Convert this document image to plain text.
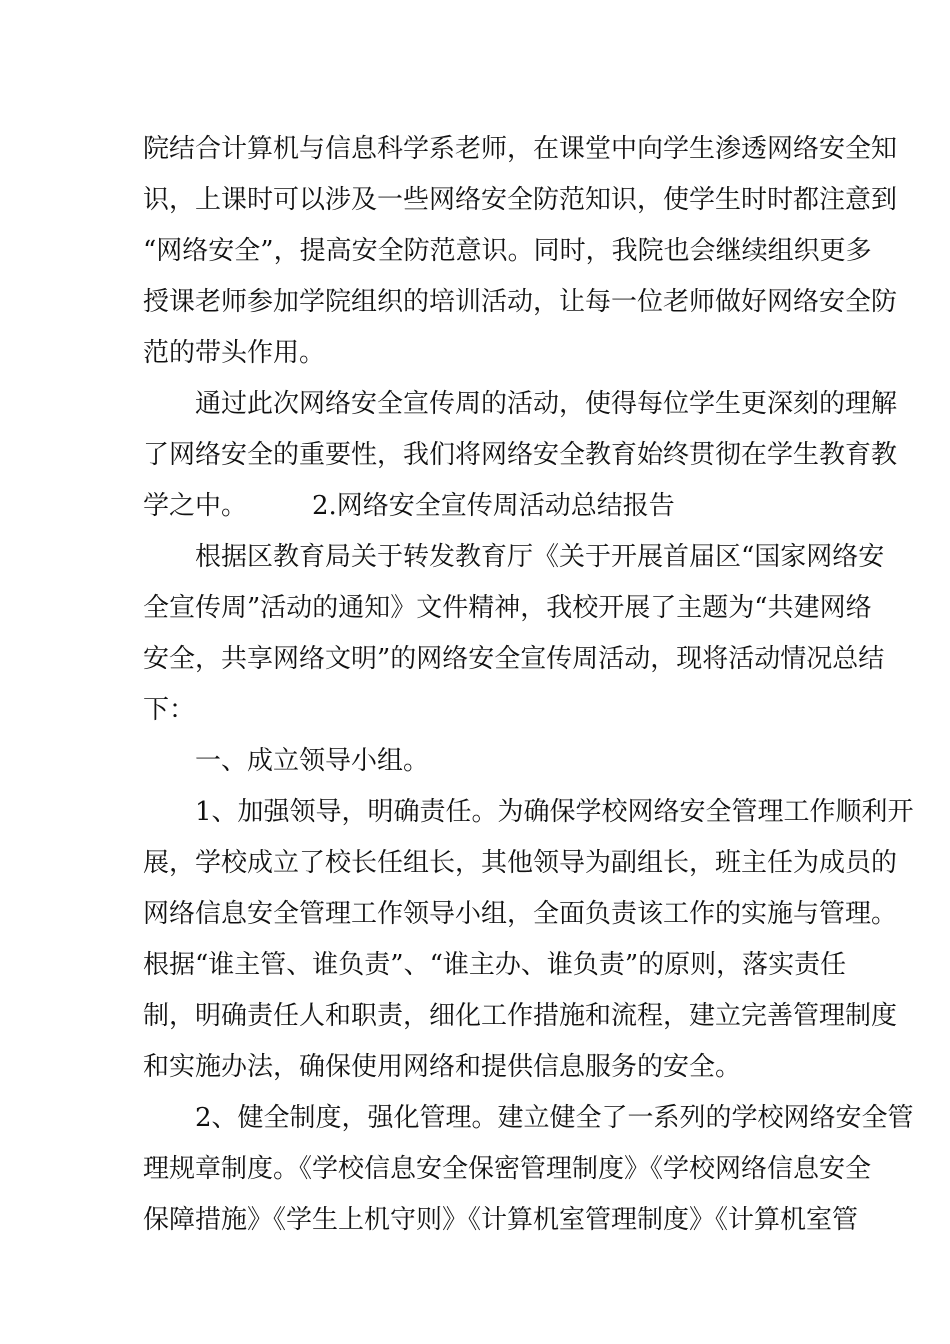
院结合计算机与信息科学系老师，在课堂中向学生渗透网络安全知
识，上课时可以涉及一些网络安全防范知识，使学生时时都注意到
“网络安全”，提高安全防范意识。同时，我院也会继续组织更多
授课老师参加学院组织的培训活动，让每一位老师做好网络安全防
范的带头作用。
　　通过此次网络安全宣传周的活动，使得每位学生更深刻的理解
了网络安全的重要性，我们将网络安全教育始终贯彻在学生教育教
学之中。　　　2.网络安全宣传周活动总结报告
　　根据区教育局关于转发教育厅《关于开展首届区“国家网络安
全宣传周”活动的通知》文件精神，我校开展了主题为“共建网络
安全，共享网络文明”的网络安全宣传周活动，现将活动情况总结
下：
　　一、成立领导小组。
　　1、加强领导，明确责任。为确保学校网络安全管理工作顺利开
展，学校成立了校长任组长，其他领导为副组长，班主任为成员的
网络信息安全管理工作领导小组，全面负责该工作的实施与管理。
根据“谁主管、谁负责”、“谁主办、谁负责”的原则，落实责任
制，明确责任人和职责，细化工作措施和流程，建立完善管理制度
和实施办法，确保使用网络和提供信息服务的安全。
　　2、健全制度，强化管理。建立健全了一系列的学校网络安全管
理规章制度。《学校信息安全保密管理制度》《学校网络信息安全
保障措施》《学生上机守则》《计算机室管理制度》《计算机室管
